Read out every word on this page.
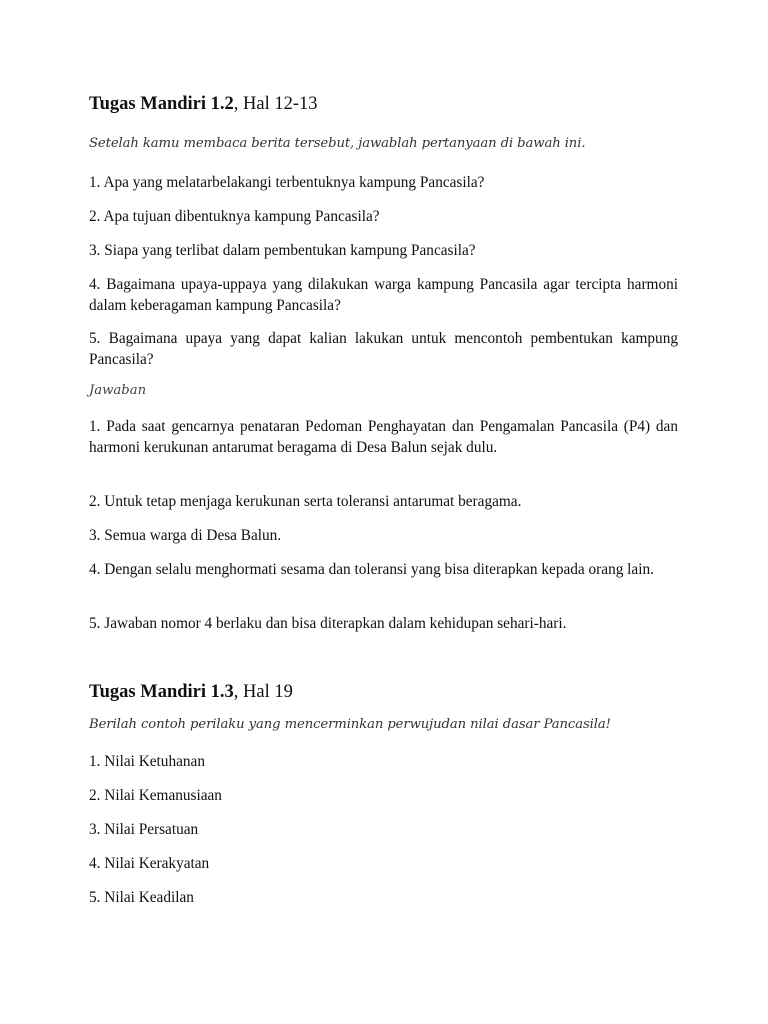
Tugas Mandiri 1.2, Hal 12-13
Setelah kamu membaca berita tersebut, jawablah pertanyaan di bawah ini.
1. Apa yang melatarbelakangi terbentuknya kampung Pancasila?
2. Apa tujuan dibentuknya kampung Pancasila?
3. Siapa yang terlibat dalam pembentukan kampung Pancasila?
4. Bagaimana upaya-uppaya yang dilakukan warga kampung Pancasila agar tercipta harmoni dalam keberagaman kampung Pancasila?
5. Bagaimana upaya yang dapat kalian lakukan untuk mencontoh pembentukan kampung Pancasila?
Jawaban
1. Pada saat gencarnya penataran Pedoman Penghayatan dan Pengamalan Pancasila (P4) dan harmoni kerukunan antarumat beragama di Desa Balun sejak dulu.
2. Untuk tetap menjaga kerukunan serta toleransi antarumat beragama.
3. Semua warga di Desa Balun.
4. Dengan selalu menghormati sesama dan toleransi yang bisa diterapkan kepada orang lain.
5. Jawaban nomor 4 berlaku dan bisa diterapkan dalam kehidupan sehari-hari.
Tugas Mandiri 1.3, Hal 19
Berilah contoh perilaku yang mencerminkan perwujudan nilai dasar Pancasila!
1. Nilai Ketuhanan
2. Nilai Kemanusiaan
3. Nilai Persatuan
4. Nilai Kerakyatan
5. Nilai Keadilan
